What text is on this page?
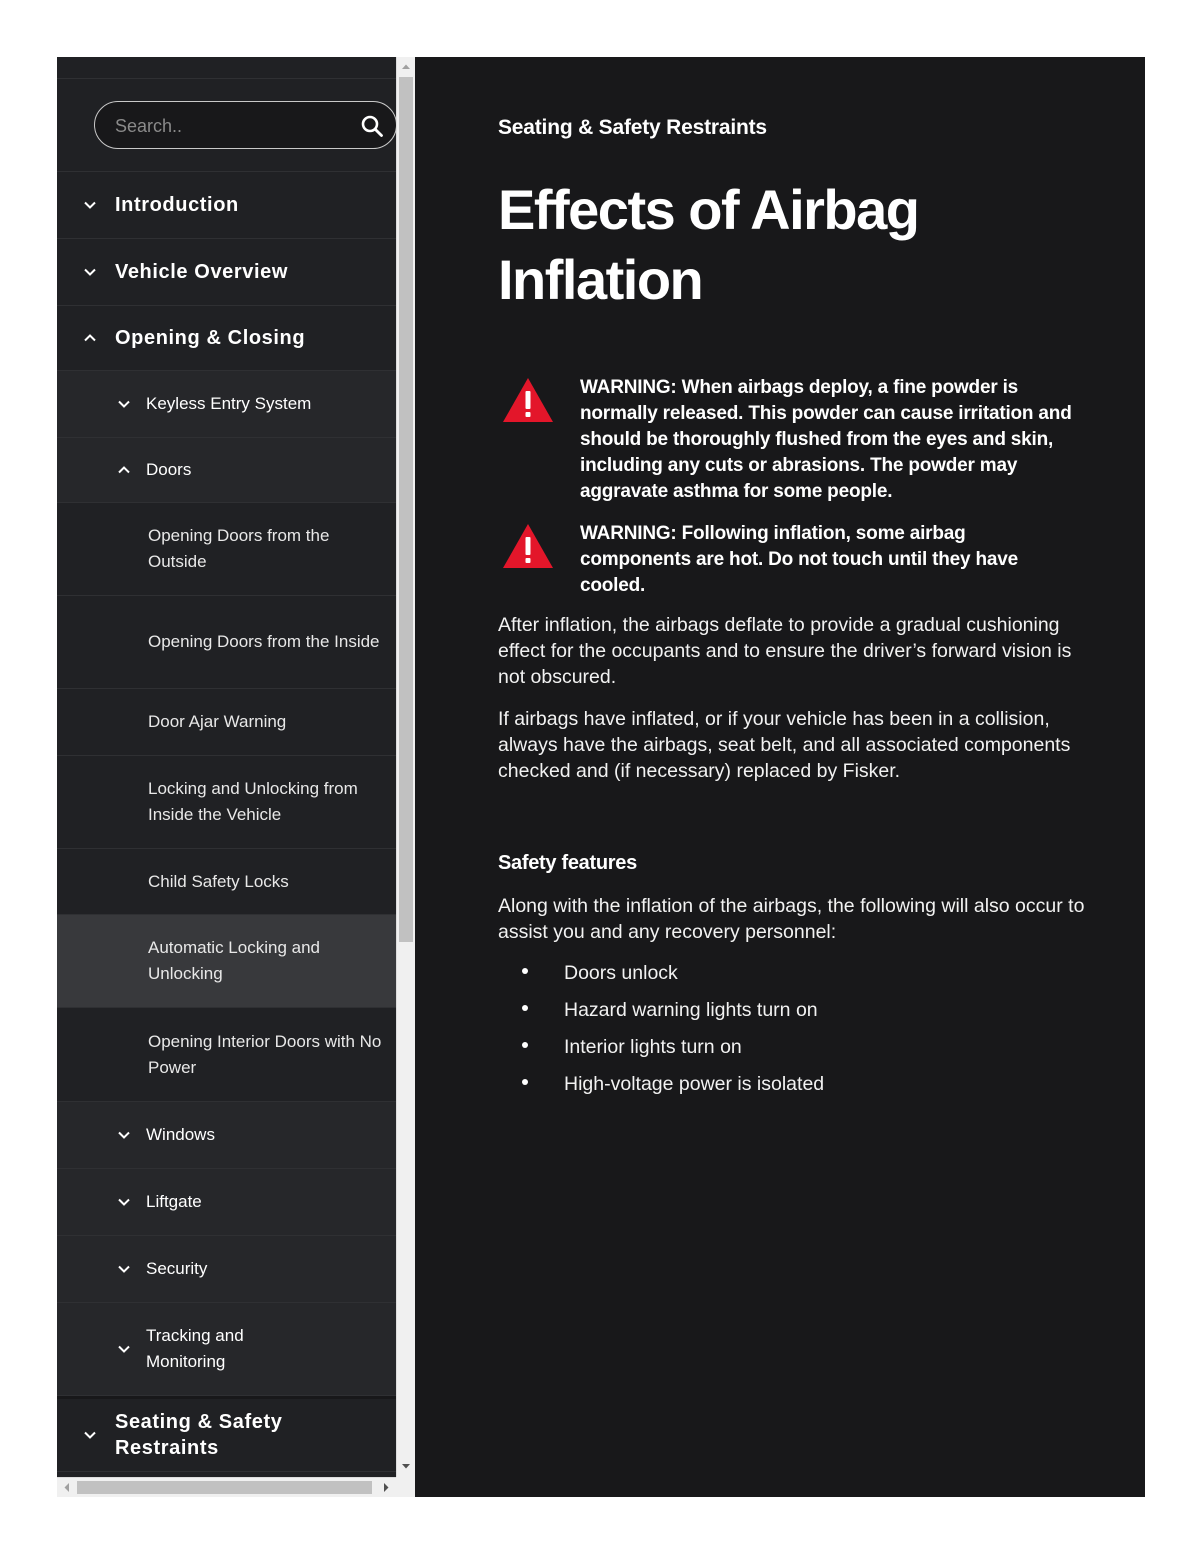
Search..
Introduction
Vehicle Overview
Opening & Closing
Keyless Entry System
Doors
Opening Doors from the Outside
Opening Doors from the Inside
Door Ajar Warning
Locking and Unlocking from Inside the Vehicle
Child Safety Locks
Automatic Locking and Unlocking
Opening Interior Doors with No Power
Windows
Liftgate
Security
Tracking and Monitoring
Seating & Safety Restraints
Seating & Safety Restraints
Effects of Airbag Inflation
WARNING: When airbags deploy, a fine powder is normally released. This powder can cause irritation and should be thoroughly flushed from the eyes and skin, including any cuts or abrasions. The powder may aggravate asthma for some people.
WARNING: Following inflation, some airbag components are hot. Do not touch until they have cooled.

After inflation, the airbags deflate to provide a gradual cushioning effect for the occupants and to ensure the driver’s forward vision is not obscured.

If airbags have inflated, or if your vehicle has been in a collision, always have the airbags, seat belt, and all associated components checked and (if necessary) replaced by Fisker.

Safety features

Along with the inflation of the airbags, the following will also occur to assist you and any recovery personnel:

Doors unlock
Hazard warning lights turn on
Interior lights turn on
High-voltage power is isolated
